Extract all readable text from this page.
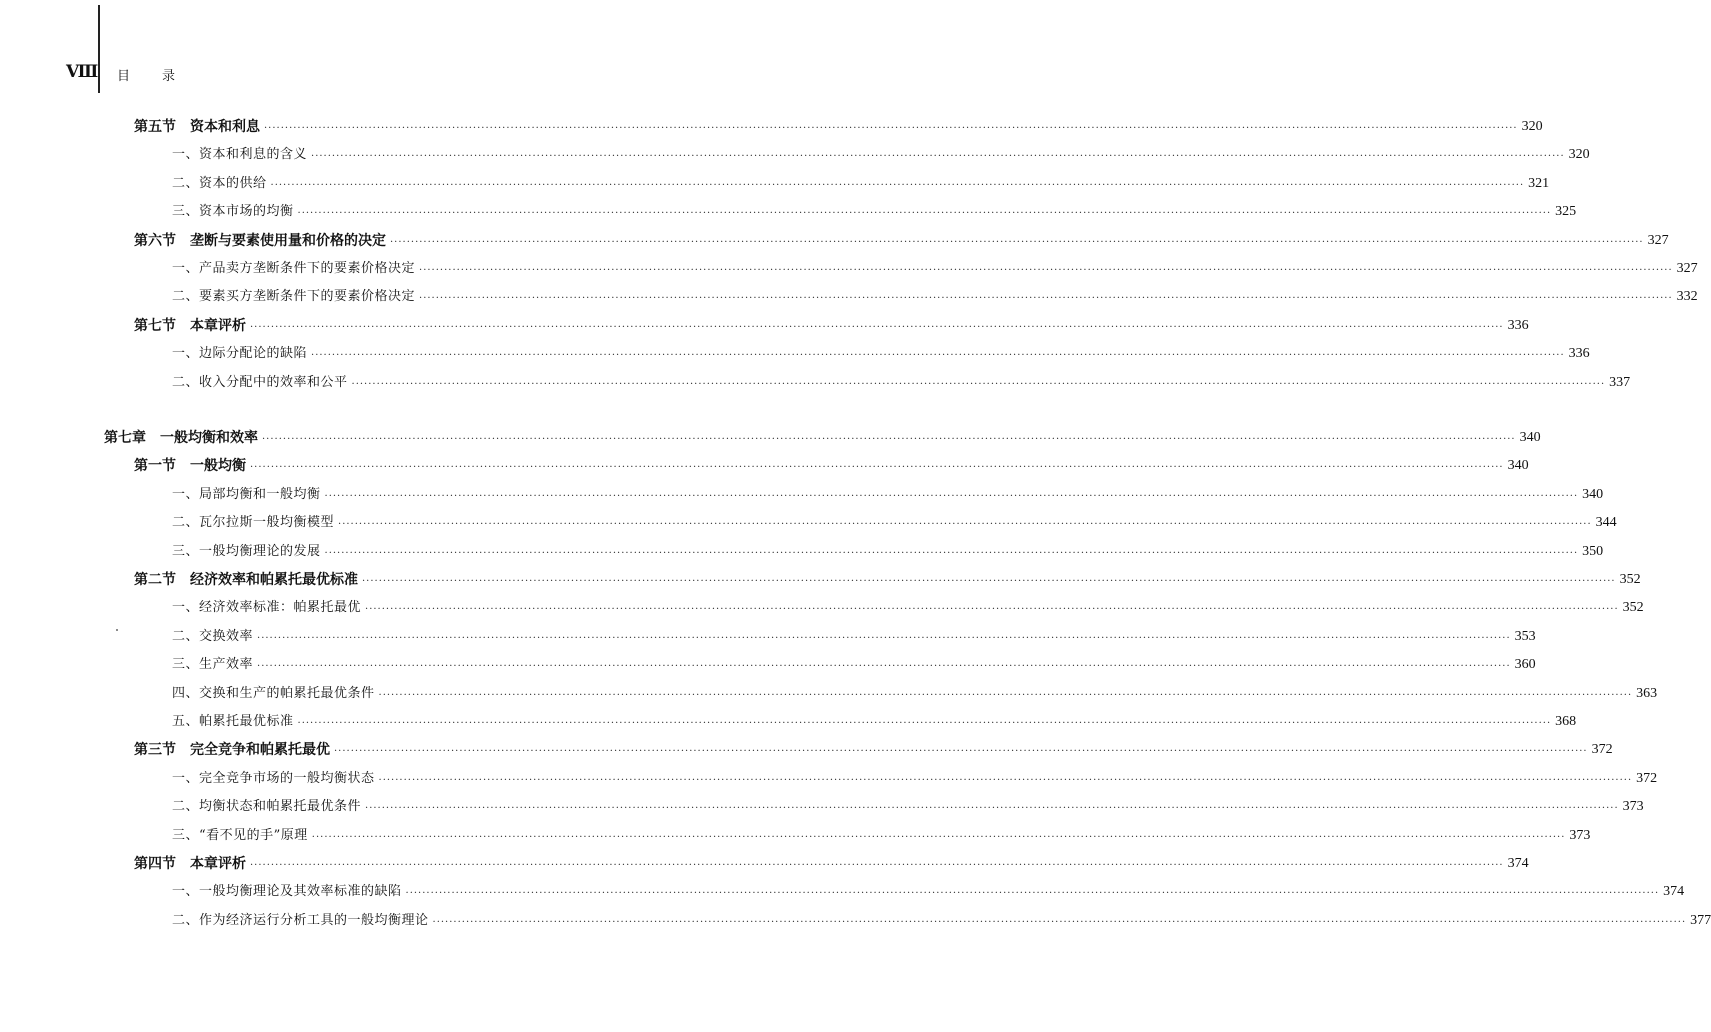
Ⅷ 目 录
第五节　资本和利息 ············································································································································································································································································································ 320
一、资本和利息的含义 ············································································································································································································································································································ 320
二、资本的供给 ············································································································································································································································································································ 321
三、资本市场的均衡 ············································································································································································································································································································ 325
第六节　垄断与要素使用量和价格的决定 ············································································································································································································································································································ 327
一、产品卖方垄断条件下的要素价格决定 ············································································································································································································································································································ 327
二、要素买方垄断条件下的要素价格决定 ············································································································································································································································································································ 332
第七节　本章评析 ············································································································································································································································································································ 336
一、边际分配论的缺陷 ············································································································································································································································································································ 336
二、收入分配中的效率和公平 ············································································································································································································································································································ 337
第七章　一般均衡和效率 ············································································································································································································································································································ 340
第一节　一般均衡 ············································································································································································································································································································ 340
一、局部均衡和一般均衡 ············································································································································································································································································································ 340
二、瓦尔拉斯一般均衡模型 ············································································································································································································································································································ 344
三、一般均衡理论的发展 ············································································································································································································································································································ 350
第二节　经济效率和帕累托最优标准 ············································································································································································································································································································ 352
一、经济效率标准：帕累托最优 ············································································································································································································································································································ 352
二、交换效率 ············································································································································································································································································································ 353
三、生产效率 ············································································································································································································································································································ 360
四、交换和生产的帕累托最优条件 ············································································································································································································································································································ 363
五、帕累托最优标准 ············································································································································································································································································································ 368
第三节　完全竞争和帕累托最优 ············································································································································································································································································································ 372
一、完全竞争市场的一般均衡状态 ············································································································································································································································································································ 372
二、均衡状态和帕累托最优条件 ············································································································································································································································································································ 373
三、“看不见的手”原理 ············································································································································································································································································································ 373
第四节　本章评析 ············································································································································································································································································································ 374
一、一般均衡理论及其效率标准的缺陷 ············································································································································································································································································································ 374
二、作为经济运行分析工具的一般均衡理论 ············································································································································································································································································································ 377
